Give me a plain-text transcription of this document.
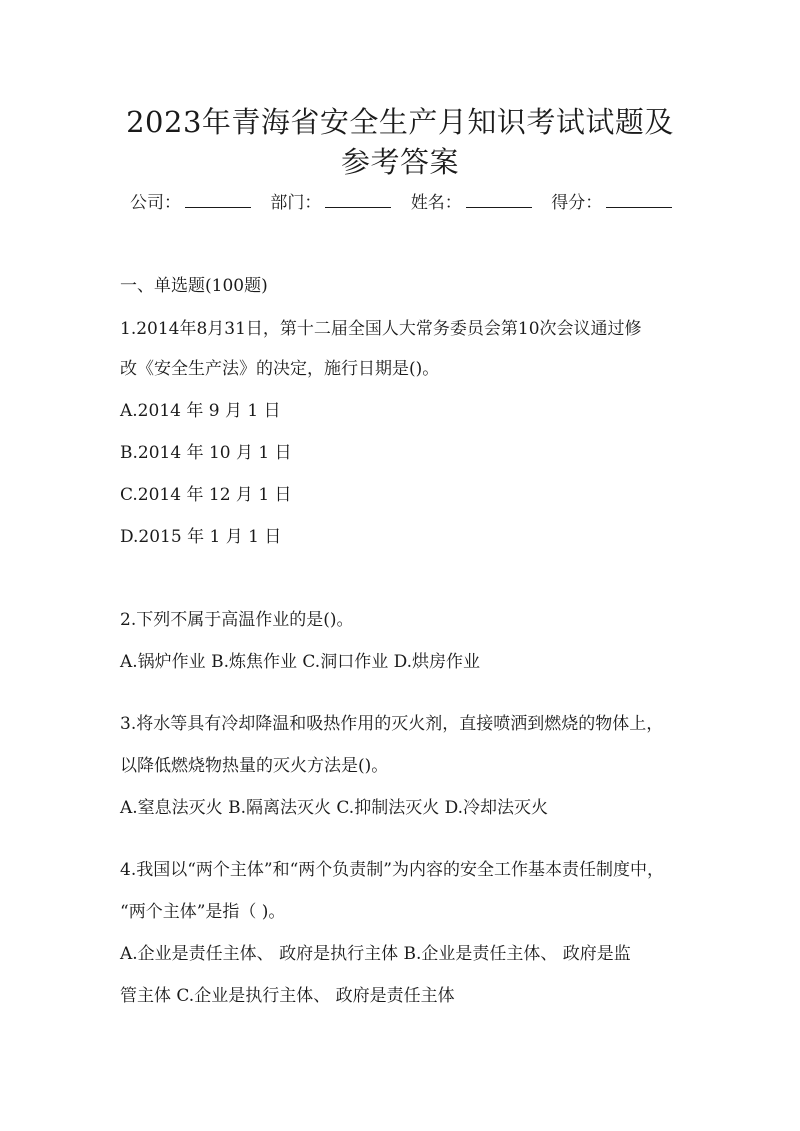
2023年青海省安全生产月知识考试试题及
参考答案
公司：	部门：	姓名：	得分：
一、单选题(100题)
1.2014年8月31日，第十二届全国人大常务委员会第10次会议通过修
改《安全生产法》的决定，施行日期是()。
A.2014 年 9 月 1 日
B.2014 年 10 月 1 日
C.2014 年 12 月 1 日
D.2015 年 1 月 1 日
2.下列不属于高温作业的是()。
A.锅炉作业 B.炼焦作业 C.洞口作业 D.烘房作业
3.将水等具有冷却降温和吸热作用的灭火剂，直接喷洒到燃烧的物体上，
以降低燃烧物热量的灭火方法是()。
A.窒息法灭火 B.隔离法灭火 C.抑制法灭火 D.冷却法灭火
4.我国以“两个主体”和“两个负责制”为内容的安全工作基本责任制度中，
“两个主体”是指（ )。
A.企业是责任主体、 政府是执行主体 B.企业是责任主体、 政府是监
管主体 C.企业是执行主体、 政府是责任主体
